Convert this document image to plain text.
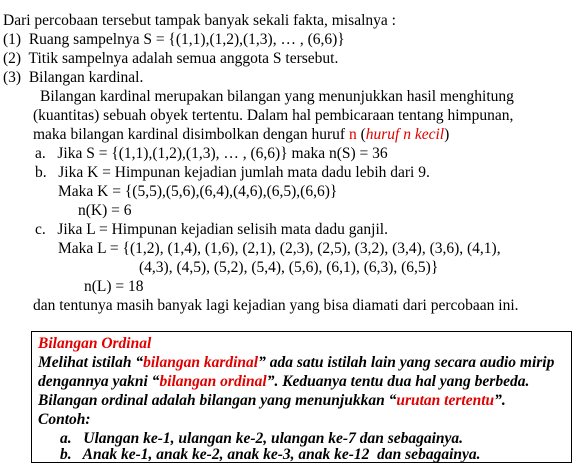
Dari percobaan tersebut tampak banyak sekali fakta, misalnya :
(1)  Ruang sampelnya S = {(1,1),(1,2),(1,3), … , (6,6)}
(2)  Titik sampelnya adalah semua anggota S tersebut.
(3)  Bilangan kardinal.
Bilangan kardinal merupakan bilangan yang menunjukkan hasil menghitung
(kuantitas) sebuah obyek tertentu. Dalam hal pembicaraan tentang himpunan,
maka bilangan kardinal disimbolkan dengan huruf n (huruf n kecil)
a.   Jika S = {(1,1),(1,2),(1,3), … , (6,6)} maka n(S) = 36
b.   Jika K = Himpunan kejadian jumlah mata dadu lebih dari 9.
Maka K = {(5,5),(5,6),(6,4),(4,6),(6,5),(6,6)}
n(K) = 6
c.   Jika L = Himpunan kejadian selisih mata dadu ganjil.
Maka L = {(1,2), (1,4), (1,6), (2,1), (2,3), (2,5), (3,2), (3,4), (3,6), (4,1),
(4,3), (4,5), (5,2), (5,4), (5,6), (6,1), (6,3), (6,5)}
n(L) = 18
dan tentunya masih banyak lagi kejadian yang bisa diamati dari percobaan ini.
Bilangan Ordinal
Melihat istilah “bilangan kardinal” ada satu istilah lain yang secara audio mirip
dengannya yakni “bilangan ordinal”. Keduanya tentu dua hal yang berbeda.
Bilangan ordinal adalah bilangan yang menunjukkan “urutan tertentu”.
Contoh:
a.   Ulangan ke-1, ulangan ke-2, ulangan ke-7 dan sebagainya.
b.   Anak ke-1, anak ke-2, anak ke-3, anak ke-12  dan sebagainya.
